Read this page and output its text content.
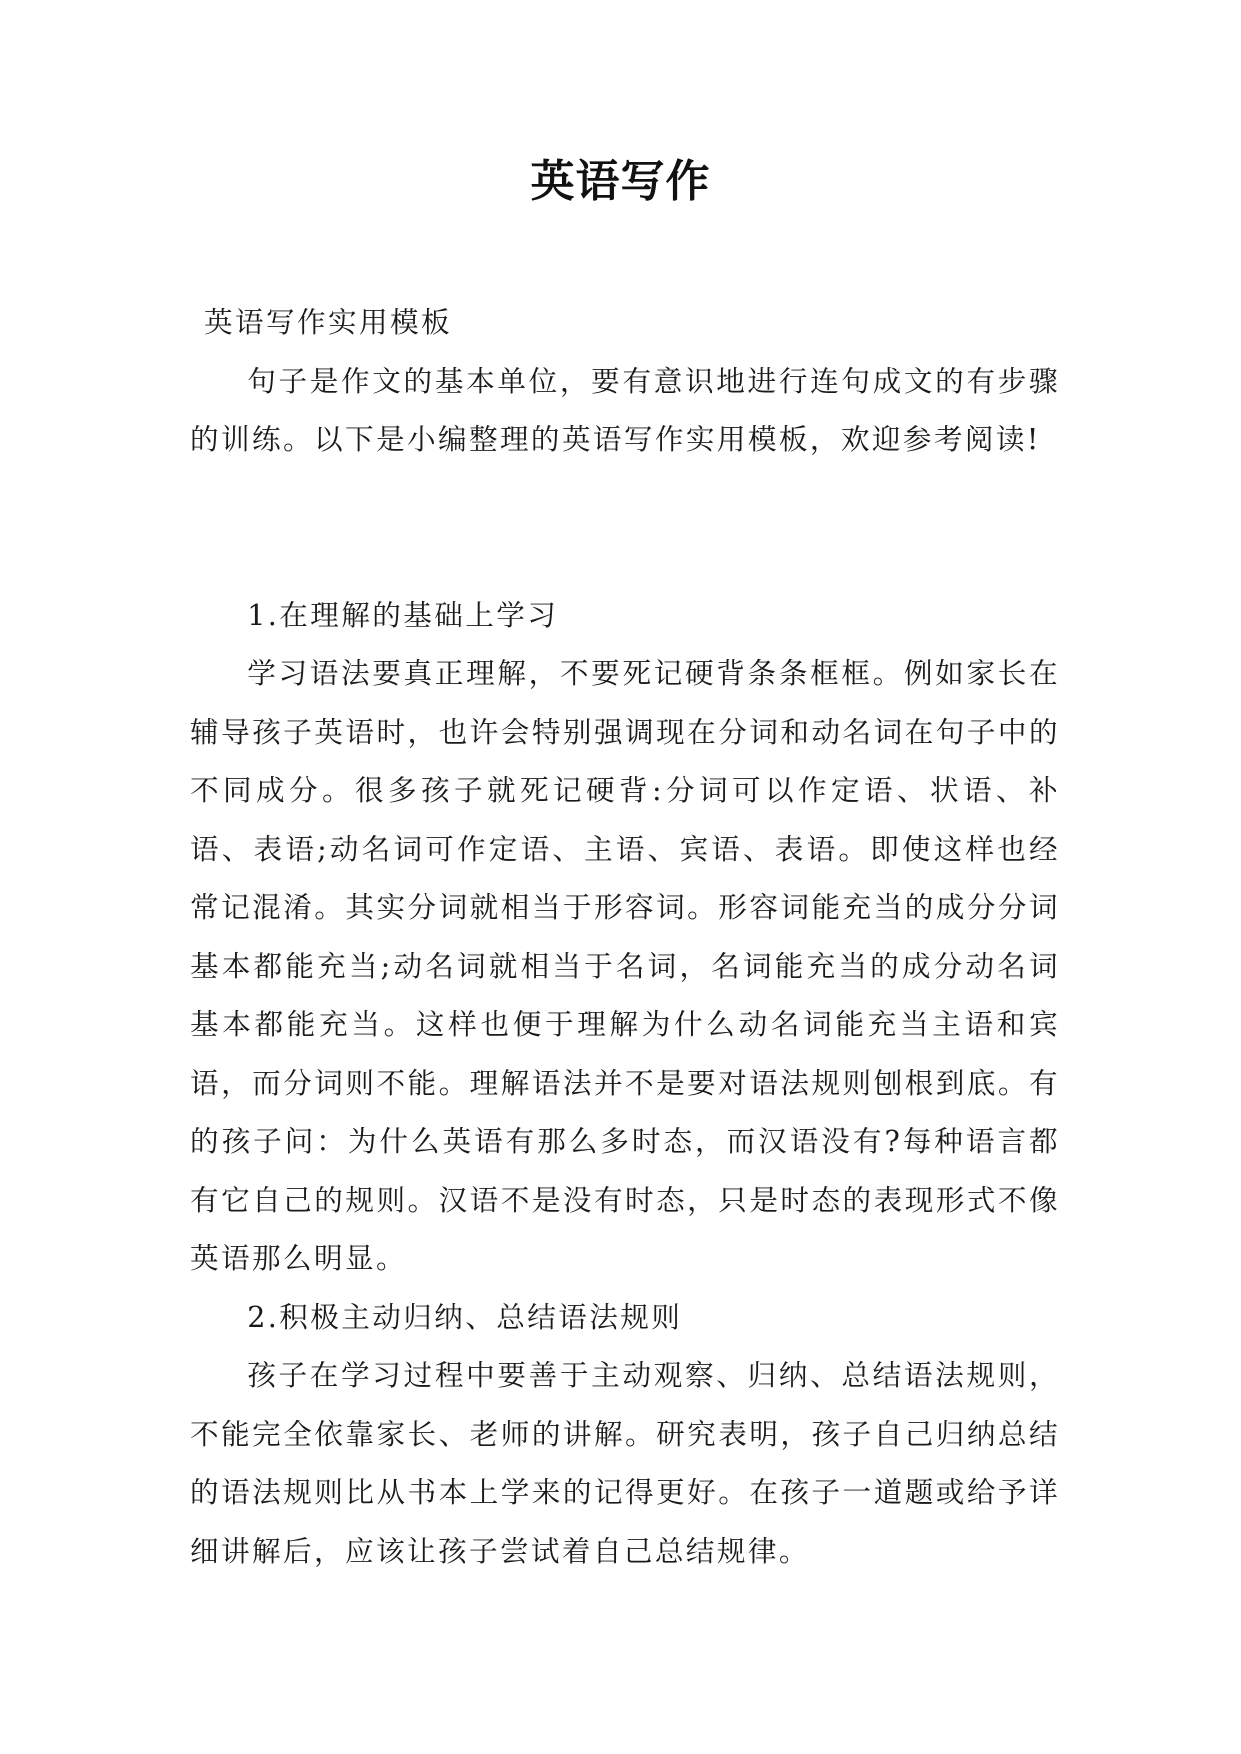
英语写作

英语写作实用模板

句子是作文的基本单位，要有意识地进行连句成文的有步骤的训练。以下是小编整理的英语写作实用模板，欢迎参考阅读!

1.在理解的基础上学习

学习语法要真正理解，不要死记硬背条条框框。例如家长在辅导孩子英语时，也许会特别强调现在分词和动名词在句子中的不同成分。很多孩子就死记硬背:分词可以作定语、状语、补语、表语;动名词可作定语、主语、宾语、表语。即使这样也经常记混淆。其实分词就相当于形容词。形容词能充当的成分分词基本都能充当;动名词就相当于名词，名词能充当的成分动名词基本都能充当。这样也便于理解为什么动名词能充当主语和宾语，而分词则不能。理解语法并不是要对语法规则刨根到底。有的孩子问：为什么英语有那么多时态，而汉语没有?每种语言都有它自己的规则。汉语不是没有时态，只是时态的表现形式不像英语那么明显。

2.积极主动归纳、总结语法规则

孩子在学习过程中要善于主动观察、归纳、总结语法规则，不能完全依靠家长、老师的讲解。研究表明，孩子自己归纳总结的语法规则比从书本上学来的记得更好。在孩子一道题或给予详细讲解后，应该让孩子尝试着自己总结规律。
